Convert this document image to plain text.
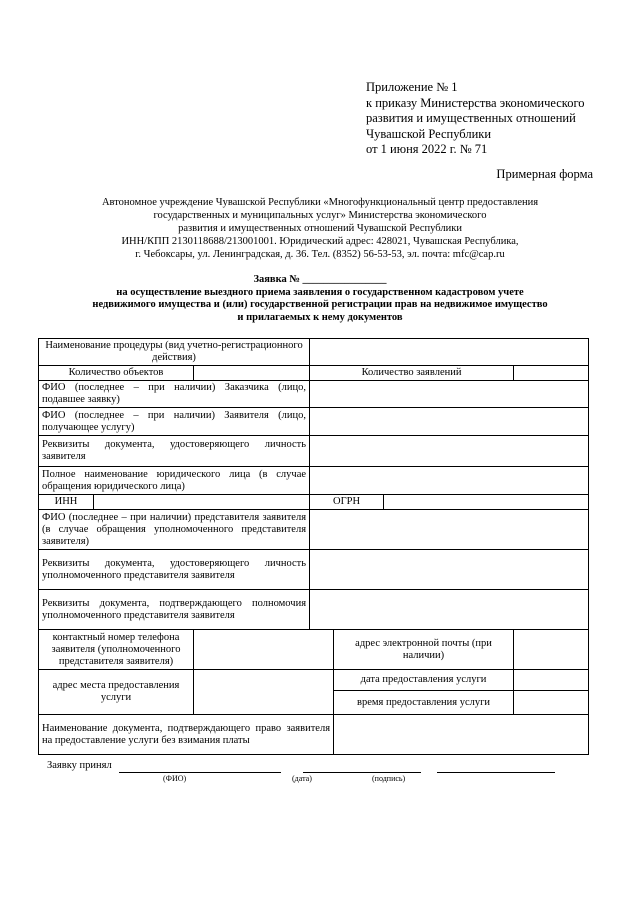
Приложение № 1
к приказу Министерства экономического
развития и имущественных отношений
Чувашской Республики
от 1 июня 2022 г. № 71
Примерная форма
Автономное учреждение Чувашской Республики «Многофункциональный центр предоставления
государственных и муниципальных услуг» Министерства экономического
развития и имущественных отношений Чувашской Республики
ИНН/КПП 2130118688/213001001. Юридический адрес: 428021, Чувашская Республика,
г. Чебоксары, ул. Ленинградская, д. 36. Тел. (8352) 56-53-53, эл. почта: mfc@cap.ru
Заявка № ________________
на осуществление выездного приема заявления о государственном кадастровом учете
недвижимого имущества и (или) государственной регистрации прав на недвижимое имущество
и прилагаемых к нему документов
Наименование процедуры (вид учетно-регистрационного действия)						
Количество объектов			Количество заявлений			
ФИО (последнее – при наличии) Заказчика (лицо, подавшее заявку)						
ФИО (последнее – при наличии) Заявителя (лицо, получающее услугу)						
Реквизиты документа, удостоверяющего личность заявителя						
Полное наименование юридического лица (в случае обращения юридического лица)						
ИНН			ОГРН			
ФИО (последнее – при наличии) представителя заявителя (в случае обращения уполномоченного представителя заявителя)						
Реквизиты документа, удостоверяющего личность уполномоченного представителя заявителя						
Реквизиты документа, подтверждающего полномочия уполномоченного представителя заявителя						
контактный номер телефона заявителя (уполномоченного представителя заявителя)				адрес электронной почты (при наличии)		
адрес места предоставления услуги				дата предоставления услуги		
				время предоставления услуги		
Наименование документа, подтверждающего право заявителя на предоставление услуги без взимания платы						
Заявку принял
(ФИО)	(дата)	(подпись)
